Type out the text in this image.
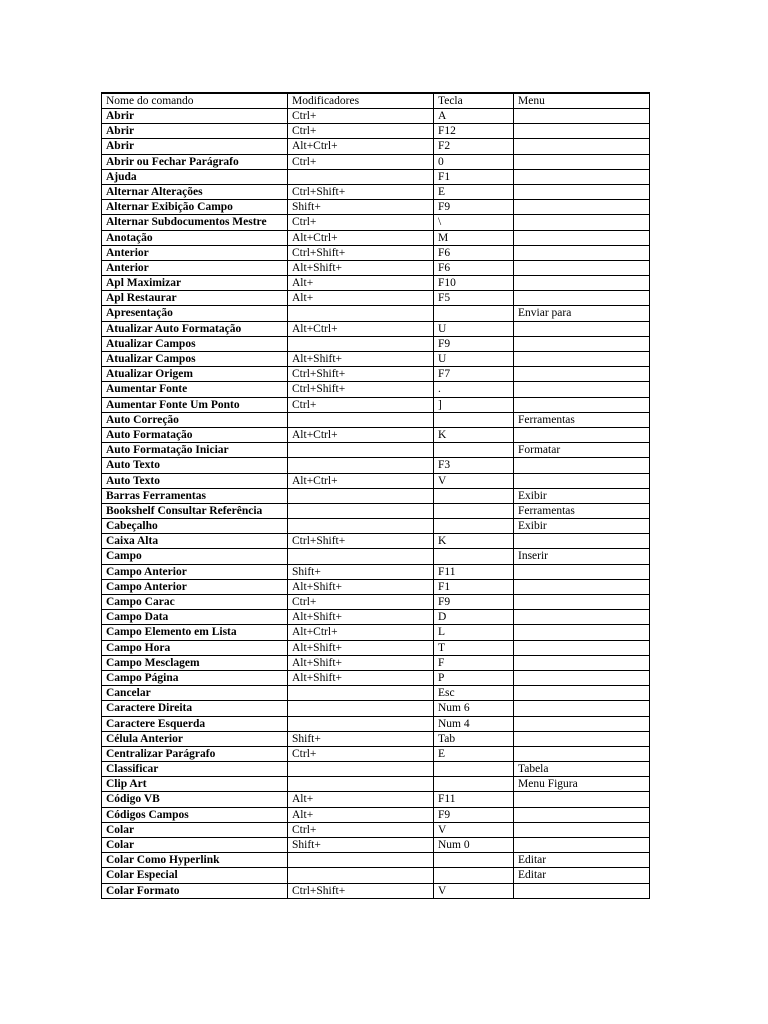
Nome do comando	Modificadores	Tecla	Menu
Abrir	Ctrl+	A	
Abrir	Ctrl+	F12	
Abrir	Alt+Ctrl+	F2	
Abrir ou Fechar Parágrafo	Ctrl+	0	
Ajuda		F1	
Alternar Alterações	Ctrl+Shift+	E	
Alternar Exibição Campo	Shift+	F9	
Alternar Subdocumentos Mestre	Ctrl+	\	
Anotação	Alt+Ctrl+	M	
Anterior	Ctrl+Shift+	F6	
Anterior	Alt+Shift+	F6	
Apl Maximizar	Alt+	F10	
Apl Restaurar	Alt+	F5	
Apresentação			Enviar para
Atualizar Auto Formatação	Alt+Ctrl+	U	
Atualizar Campos		F9	
Atualizar Campos	Alt+Shift+	U	
Atualizar Origem	Ctrl+Shift+	F7	
Aumentar Fonte	Ctrl+Shift+	.	
Aumentar Fonte Um Ponto	Ctrl+	]	
Auto Correção			Ferramentas
Auto Formatação	Alt+Ctrl+	K	
Auto Formatação Iniciar			Formatar
Auto Texto		F3	
Auto Texto	Alt+Ctrl+	V	
Barras Ferramentas			Exibir
Bookshelf Consultar Referência			Ferramentas
Cabeçalho			Exibir
Caixa Alta	Ctrl+Shift+	K	
Campo			Inserir
Campo Anterior	Shift+	F11	
Campo Anterior	Alt+Shift+	F1	
Campo Carac	Ctrl+	F9	
Campo Data	Alt+Shift+	D	
Campo Elemento em Lista	Alt+Ctrl+	L	
Campo Hora	Alt+Shift+	T	
Campo Mesclagem	Alt+Shift+	F	
Campo Página	Alt+Shift+	P	
Cancelar		Esc	
Caractere Direita		Num 6	
Caractere Esquerda		Num 4	
Célula Anterior	Shift+	Tab	
Centralizar Parágrafo	Ctrl+	E	
Classificar			Tabela
Clip Art			Menu Figura
Código VB	Alt+	F11	
Códigos Campos	Alt+	F9	
Colar	Ctrl+	V	
Colar	Shift+	Num 0	
Colar Como Hyperlink			Editar
Colar Especial			Editar
Colar Formato	Ctrl+Shift+	V	
